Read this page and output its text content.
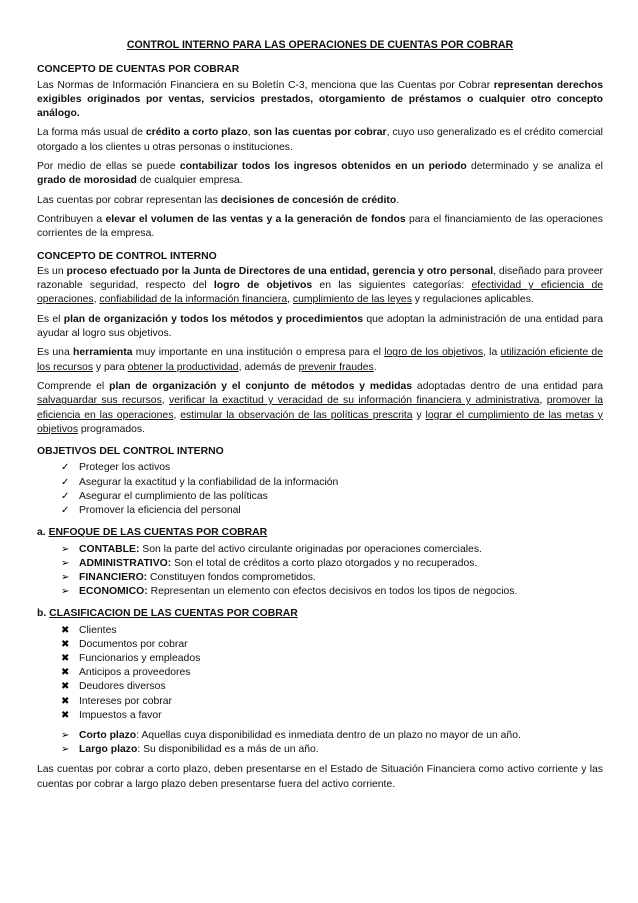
CONTROL INTERNO PARA LAS OPERACIONES DE CUENTAS POR COBRAR
CONCEPTO DE CUENTAS POR COBRAR

Las Normas de Información Financiera en su Boletín C-3, menciona que las Cuentas por Cobrar representan derechos exigibles originados por ventas, servicios prestados, otorgamiento de préstamos o cualquier otro concepto análogo.

La forma más usual de crédito a corto plazo, son las cuentas por cobrar, cuyo uso generalizado es el crédito comercial otorgado a los clientes u otras personas o instituciones.

Por medio de ellas se puede contabilizar todos los ingresos obtenidos en un periodo determinado y se analiza el grado de morosidad de cualquier empresa.

Las cuentas por cobrar representan las decisiones de concesión de crédito.

Contribuyen a elevar el volumen de las ventas y a la generación de fondos para el financiamiento de las operaciones corrientes de la empresa.

CONCEPTO DE CONTROL INTERNO

Es un proceso efectuado por la Junta de Directores de una entidad, gerencia y otro personal, diseñado para proveer razonable seguridad, respecto del logro de objetivos en las siguientes categorías: efectividad y eficiencia de operaciones, confiabilidad de la información financiera, cumplimiento de las leyes y regulaciones aplicables.

Es el plan de organización y todos los métodos y procedimientos que adoptan la administración de una entidad para ayudar al logro sus objetivos.

Es una herramienta muy importante en una institución o empresa para el logro de los objetivos, la utilización eficiente de los recursos y para obtener la productividad, además de prevenir fraudes.

Comprende el plan de organización y el conjunto de métodos y medidas adoptadas dentro de una entidad para salvaguardar sus recursos, verificar la exactitud y veracidad de su información financiera y administrativa, promover la eficiencia en las operaciones, estimular la observación de las políticas prescrita y lograr el cumplimiento de las metas y objetivos programados.

OBJETIVOS DEL CONTROL INTERNO
✓ Proteger los activos
✓ Asegurar la exactitud y la confiabilidad de la información
✓ Asegurar el cumplimiento de las políticas
✓ Promover la eficiencia del personal
a. ENFOQUE DE LAS CUENTAS POR COBRAR
➢ CONTABLE: Son la parte del activo circulante originadas por operaciones comerciales.
➢ ADMINISTRATIVO: Son el total de créditos a corto plazo otorgados y no recuperados.
➢ FINANCIERO: Constituyen fondos comprometidos.
➢ ECONOMICO: Representan un elemento con efectos decisivos en todos los tipos de negocios.
b. CLASIFICACION DE LAS CUENTAS POR COBRAR
✖ Clientes
✖ Documentos por cobrar
✖ Funcionarios y empleados
✖ Anticipos a proveedores
✖ Deudores diversos
✖ Intereses por cobrar
✖ Impuestos a favor
➢ Corto plazo: Aquellas cuya disponibilidad es inmediata dentro de un plazo no mayor de un año.
➢ Largo plazo: Su disponibilidad es a más de un año.

Las cuentas por cobrar a corto plazo, deben presentarse en el Estado de Situación Financiera como activo corriente y las cuentas por cobrar a largo plazo deben presentarse fuera del activo corriente.
